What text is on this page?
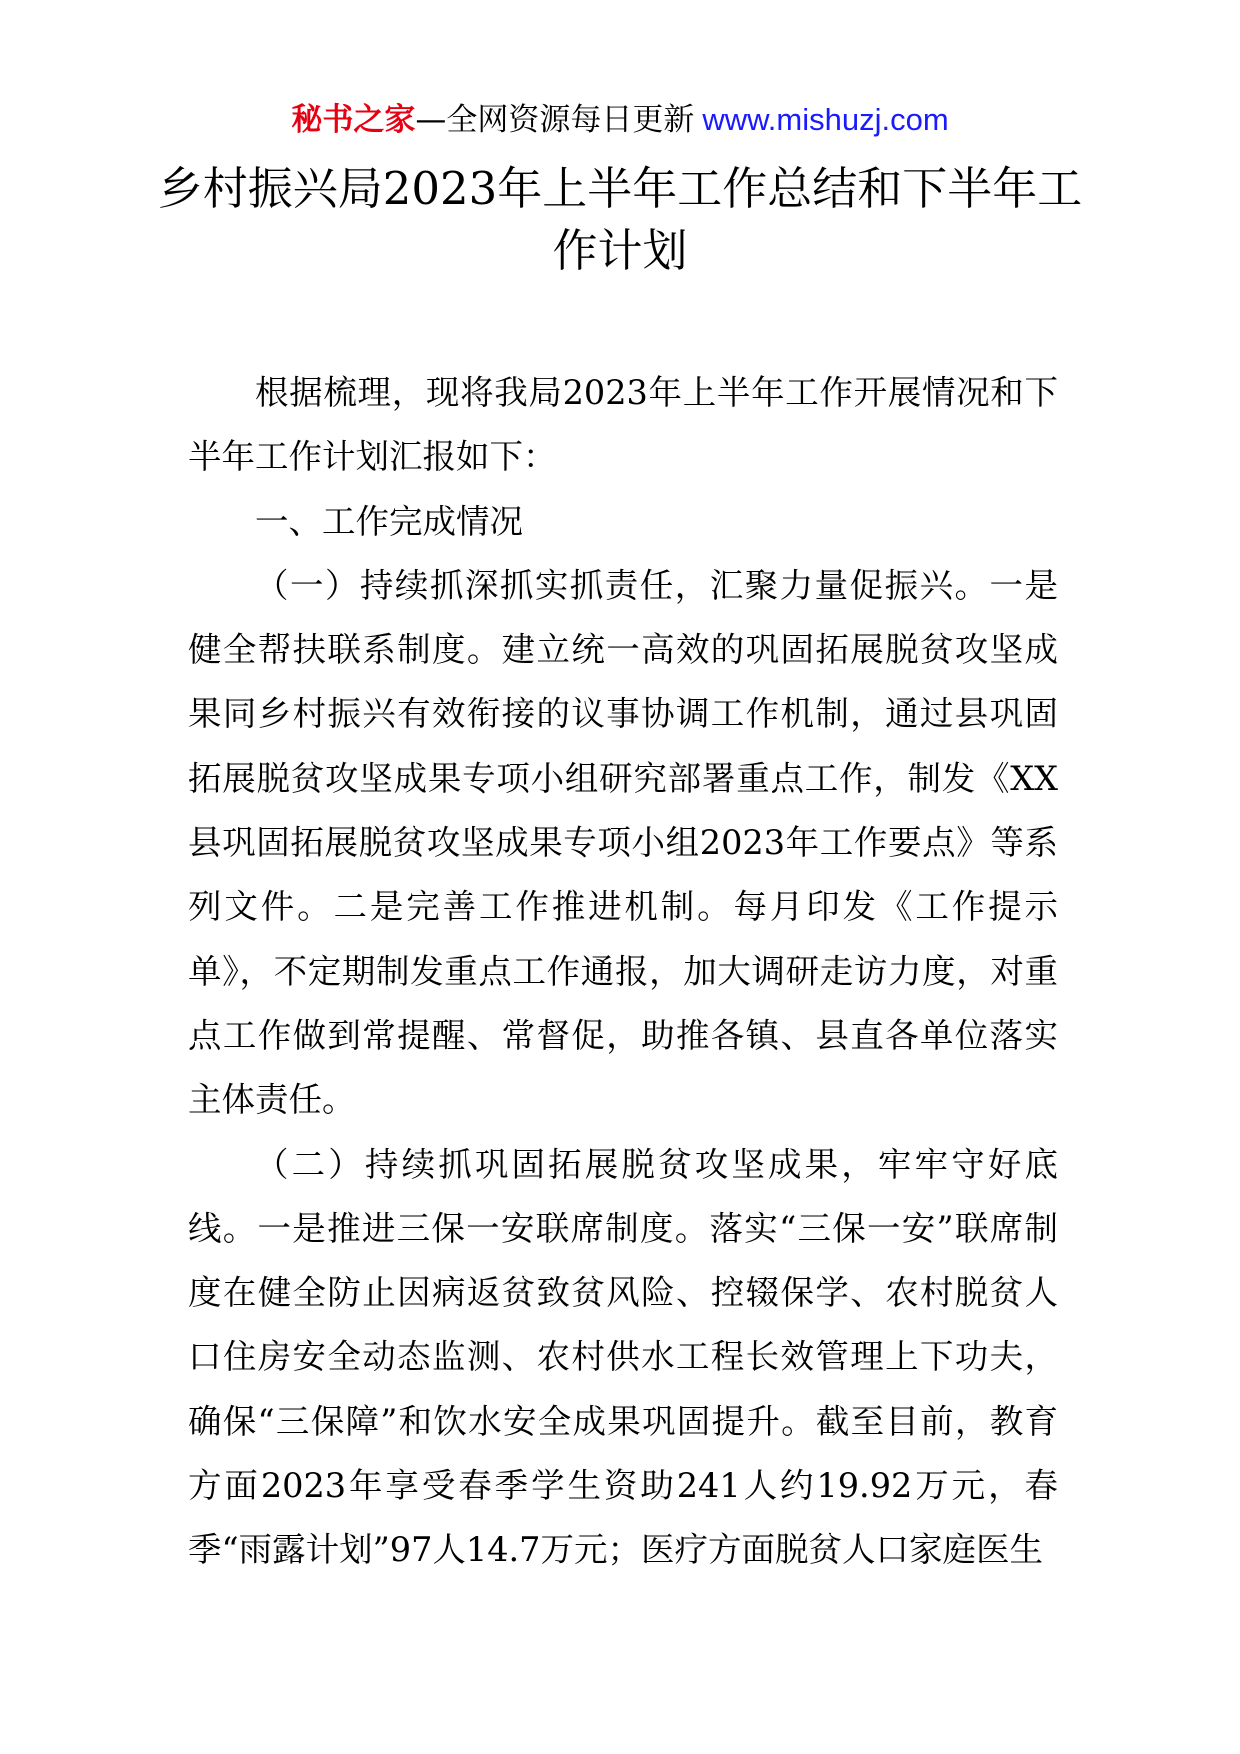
秘书之家—全网资源每日更新 www.mishuzj.com
乡村振兴局2023年上半年工作总结和下半年工作计划

根据梳理，现将我局2023年上半年工作开展情况和下半年工作计划汇报如下：

一、工作完成情况

（一）持续抓深抓实抓责任，汇聚力量促振兴。一是健全帮扶联系制度。建立统一高效的巩固拓展脱贫攻坚成果同乡村振兴有效衔接的议事协调工作机制，通过县巩固拓展脱贫攻坚成果专项小组研究部署重点工作，制发《XX县巩固拓展脱贫攻坚成果专项小组2023年工作要点》等系列文件。二是完善工作推进机制。每月印发《工作提示单》，不定期制发重点工作通报，加大调研走访力度，对重点工作做到常提醒、常督促，助推各镇、县直各单位落实主体责任。

（二）持续抓巩固拓展脱贫攻坚成果，牢牢守好底线。一是推进三保一安联席制度。落实“三保一安”联席制度在健全防止因病返贫致贫风险、控辍保学、农村脱贫人口住房安全动态监测、农村供水工程长效管理上下功夫，确保“三保障”和饮水安全成果巩固提升。截至目前，教育方面2023年享受春季学生资助241人约19.92万元，春季“雨露计划”97人14.7万元；医疗方面脱贫人口家庭医生
